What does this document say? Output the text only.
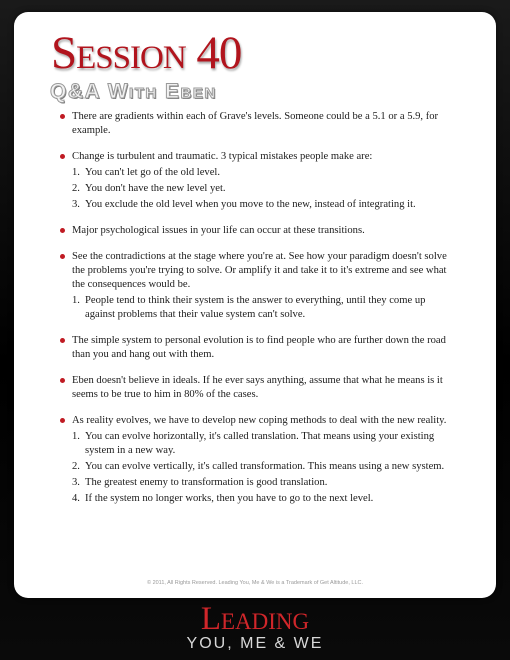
Session 40
Q&A With Eben
There are gradients within each of Grave's levels. Someone could be a 5.1 or a 5.9, for example.
Change is turbulent and traumatic. 3 typical mistakes people make are:
1. You can't let go of the old level.
2. You don't have the new level yet.
3. You exclude the old level when you move to the new, instead of integrating it.
Major psychological issues in your life can occur at these transitions.
See the contradictions at the stage where you're at. See how your paradigm doesn't solve the problems you're trying to solve. Or amplify it and take it to it's extreme and see what the consequences would be.
1. People tend to think their system is the answer to everything, until they come up against problems that their value system can't solve.
The simple system to personal evolution is to find people who are further down the road than you and hang out with them.
Eben doesn't believe in ideals. If he ever says anything, assume that what he means is it seems to be true to him in 80% of the cases.
As reality evolves, we have to develop new coping methods to deal with the new reality.
1. You can evolve horizontally, it's called translation. That means using your existing system in a new way.
2. You can evolve vertically, it's called transformation. This means using a new system.
3. The greatest enemy to transformation is good translation.
4. If the system no longer works, then you have to go to the next level.
© 2011, All Rights Reserved. Leading You, Me & We is a Trademark of Get Altitude, LLC.
Leading
YOU, ME & WE
